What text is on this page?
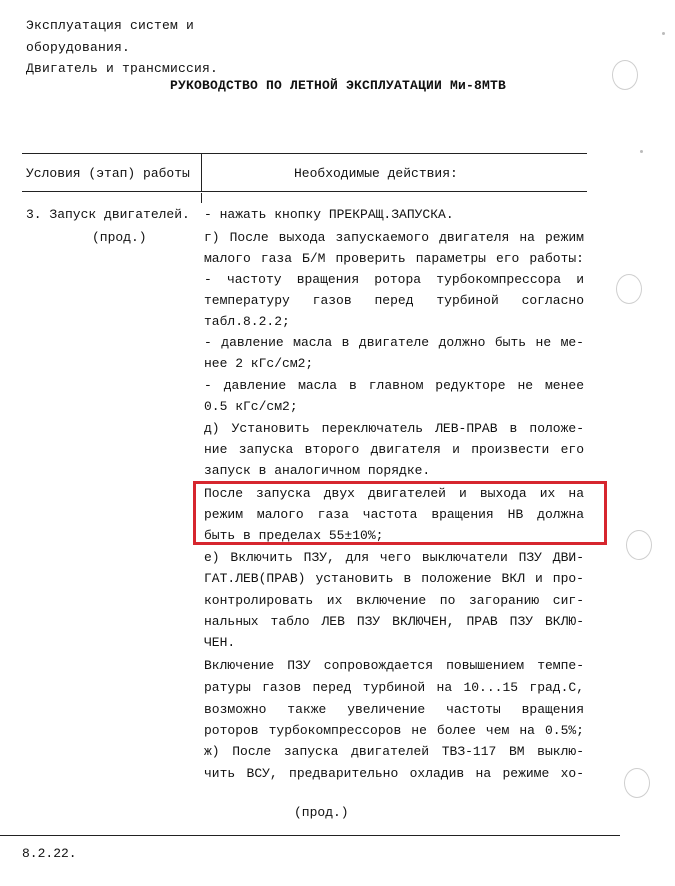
Эксплуатация систем и
оборудования.
Двигатель и трансмиссия.
РУКОВОДСТВО ПО ЛЕТНОЙ ЭКСПЛУАТАЦИИ Ми-8МТВ
Условия (этап) работы	Необходимые действия:
3. Запуск двигателей.
(прод.)
- нажать кнопку ПРЕКРАЩ.ЗАПУСКА.
г) После выхода запускаемого двигателя на режим
малого газа Б/М проверить параметры его работы:
- частоту вращения ротора турбокомпрессора и
температуру газов перед турбиной согласно
табл.8.2.2;
- давление масла в двигателе должно быть не ме-
нее 2 кГс/см2;
- давление масла в главном редукторе не менее
0.5 кГс/см2;
д) Установить переключатель ЛЕВ-ПРАВ в положе-
ние запуска второго двигателя и произвести его
запуск в аналогичном порядке.
После запуска двух двигателей и выхода их на
режим малого газа частота вращения НВ должна
быть в пределах 55±10%;
е) Включить ПЗУ, для чего выключатели ПЗУ ДВИ-
ГАТ.ЛЕВ(ПРАВ) установить в положение ВКЛ и про-
контролировать их включение по загоранию сиг-
нальных табло ЛЕВ ПЗУ ВКЛЮЧЕН, ПРАВ ПЗУ ВКЛЮ-
ЧЕН.
Включение ПЗУ сопровождается повышением темпе-
ратуры газов перед турбиной на 10...15 град.С,
возможно также увеличение частоты вращения
роторов турбокомпрессоров не более чем на 0.5%;
ж) После запуска двигателей ТВЗ-117 ВМ выклю-
чить ВСУ, предварительно охладив на режиме хо-
(прод.)
8.2.22.
